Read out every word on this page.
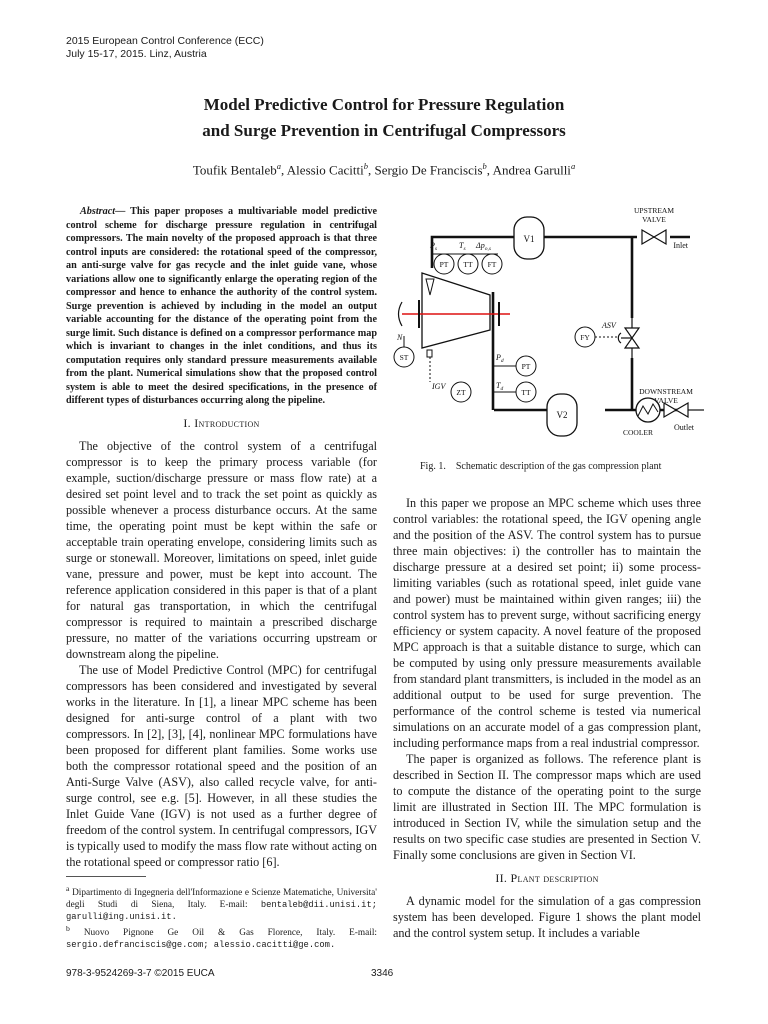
2015 European Control Conference (ECC)
July 15-17, 2015. Linz, Austria
Model Predictive Control for Pressure Regulation
and Surge Prevention in Centrifugal Compressors
Toufik Bentaleb$^a$, Alessio Cacitti$^b$, Sergio De Franciscis$^b$, Andrea Garulli$^a$

Abstract— This paper proposes a multivariable model predictive control scheme for discharge pressure regulation in centrifugal compressors. The main novelty of the proposed approach is that three control inputs are considered: the rotational speed of the compressor, an anti-surge valve for gas recycle and the inlet guide vane, whose variations allow one to significantly enlarge the operating region of the compressor and hence to enhance the authority of the control system. Surge prevention is achieved by including in the model an output variable accounting for the distance of the operating point from the surge limit. Such distance is defined on a compressor performance map which is invariant to changes in the inlet conditions, and thus its computation requires only standard pressure measurements available from the plant. Numerical simulations show that the proposed control system is able to meet the desired specifications, in the presence of different types of disturbances occurring along the pipeline.

I. Introduction

The objective of the control system of a centrifugal compressor is to keep the primary process variable (for example, suction/discharge pressure or mass flow rate) at a desired set point level and to track the set point as quickly as possible whenever a process disturbance occurs. At the same time, the operating point must be kept within the safe or acceptable train operating envelope, considering limits such as surge or stonewall. Moreover, limitations on speed, inlet guide vane, pressure and power, must be kept into account. The reference application considered in this paper is that of a plant for natural gas transportation, in which the centrifugal compressor is required to maintain a prescribed discharge pressure, no matter of the variations occurring upstream or downstream along the pipeline.

The use of Model Predictive Control (MPC) for centrifugal compressors has been considered and investigated by several works in the literature. In [1], a linear MPC scheme has been designed for anti-surge control of a plant with two compressors. In [2], [3], [4], nonlinear MPC formulations have been proposed for different plant families. Some works use both the compressor rotational speed and the position of an Anti-Surge Valve (ASV), also called recycle valve, for anti-surge control, see e.g. [5]. However, in all these studies the Inlet Guide Vane (IGV) is not used as a further degree of freedom of the control system. In centrifugal compressors, IGV is typically used to modify the mass flow rate without acting on the rotational speed or compressor ratio [6].

$^a$ Dipartimento di Ingegneria dell'Informazione e Scienze Matematiche, Universita' degli Studi di Siena, Italy. E-mail: bentaleb@dii.unisi.it; garulli@ing.unisi.it.

$^b$ Nuovo Pignone Ge Oil & Gas Florence, Italy. E-mail: sergio.defranciscis@ge.com; alessio.cacitti@ge.com.

978-3-9524269-3-7 ©2015 EUCA	3346
V1
V2
UPSTREAM
VALVE
Inlet
ASV
FY
$P_s$	$T_s$ $\Delta p_{o,s}$
PT TT FT
N
ST	$P_d$
PT
$T_d$ TT
IGV
ZT
COOLER
DOWNSTREAM
VALVE
Outlet
Fig. 1.    Schematic description of the gas compression plant

In this paper we propose an MPC scheme which uses three control variables: the rotational speed, the IGV opening angle and the position of the ASV. The control system has to pursue three main objectives: i) the controller has to maintain the discharge pressure at a desired set point; ii) some process-limiting variables (such as rotational speed, inlet guide vane and power) must be maintained within given ranges; iii) the control system has to prevent surge, without sacrificing energy efficiency or system capacity. A novel feature of the proposed MPC approach is that a suitable distance to surge, which can be computed by using only pressure measurements available from standard plant transmitters, is included in the model as an additional output to be used for surge prevention. The performance of the control scheme is tested via numerical simulations on an accurate model of a gas compression plant, including performance maps from a real industrial compressor.

The paper is organized as follows. The reference plant is described in Section II. The compressor maps which are used to compute the distance of the operating point to the surge limit are illustrated in Section III. The MPC formulation is introduced in Section IV, while the simulation setup and the results on two specific case studies are presented in Section V. Finally some conclusions are given in Section VI.

II. Plant description

A dynamic model for the simulation of a gas compression system has been developed. Figure 1 shows the plant model and the control system setup. It includes a variable
